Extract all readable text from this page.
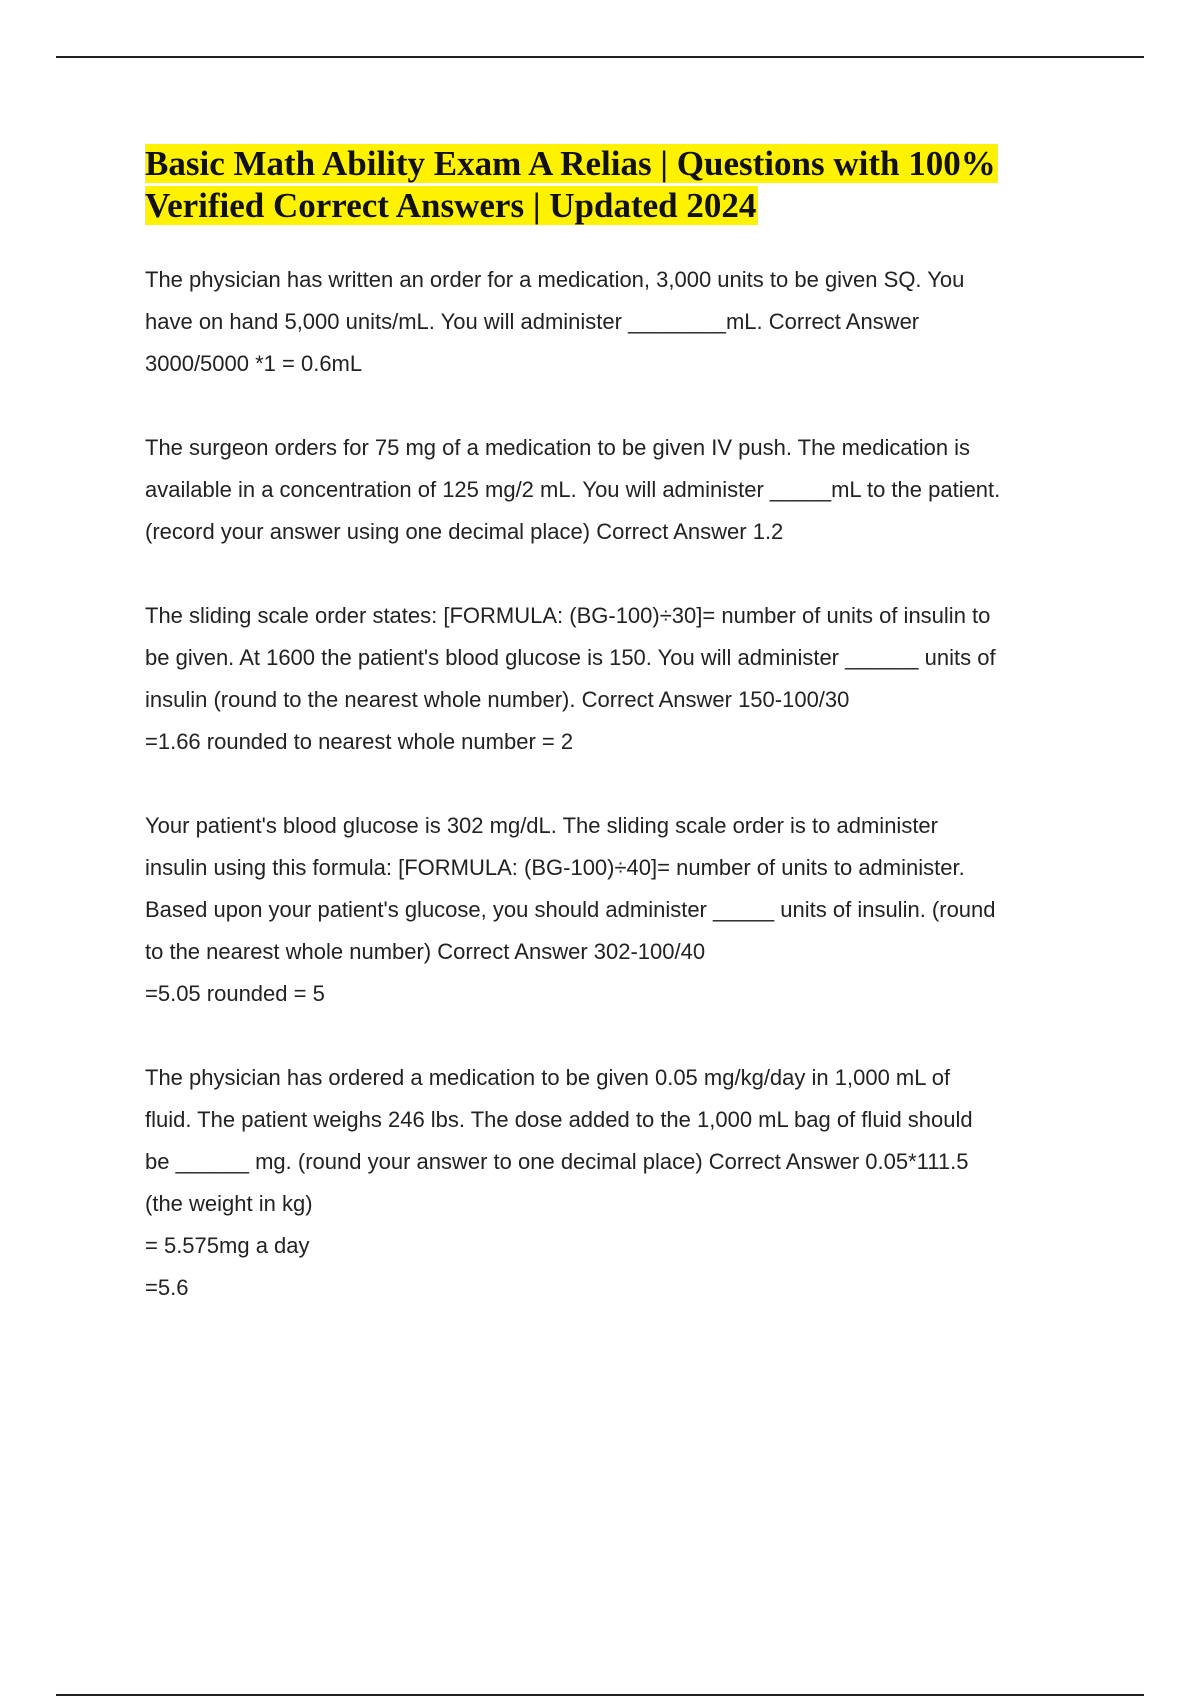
Basic Math Ability Exam A Relias | Questions with 100%
Verified Correct Answers | Updated 2024

The physician has written an order for a medication, 3,000 units to be given SQ. You
have on hand 5,000 units/mL. You will administer ________mL. Correct Answer
3000/5000 *1 = 0.6mL

The surgeon orders for 75 mg of a medication to be given IV push. The medication is
available in a concentration of 125 mg/2 mL. You will administer _____mL to the patient.
(record your answer using one decimal place) Correct Answer 1.2

The sliding scale order states: [FORMULA: (BG-100)÷30]= number of units of insulin to
be given. At 1600 the patient's blood glucose is 150. You will administer ______ units of
insulin (round to the nearest whole number). Correct Answer 150-100/30
=1.66 rounded to nearest whole number = 2

Your patient's blood glucose is 302 mg/dL. The sliding scale order is to administer
insulin using this formula: [FORMULA: (BG-100)÷40]= number of units to administer.
Based upon your patient's glucose, you should administer _____ units of insulin. (round
to the nearest whole number) Correct Answer 302-100/40
=5.05 rounded = 5

The physician has ordered a medication to be given 0.05 mg/kg/day in 1,000 mL of
fluid. The patient weighs 246 lbs. The dose added to the 1,000 mL bag of fluid should
be ______ mg. (round your answer to one decimal place) Correct Answer 0.05*111.5
(the weight in kg)
= 5.575mg a day
=5.6
